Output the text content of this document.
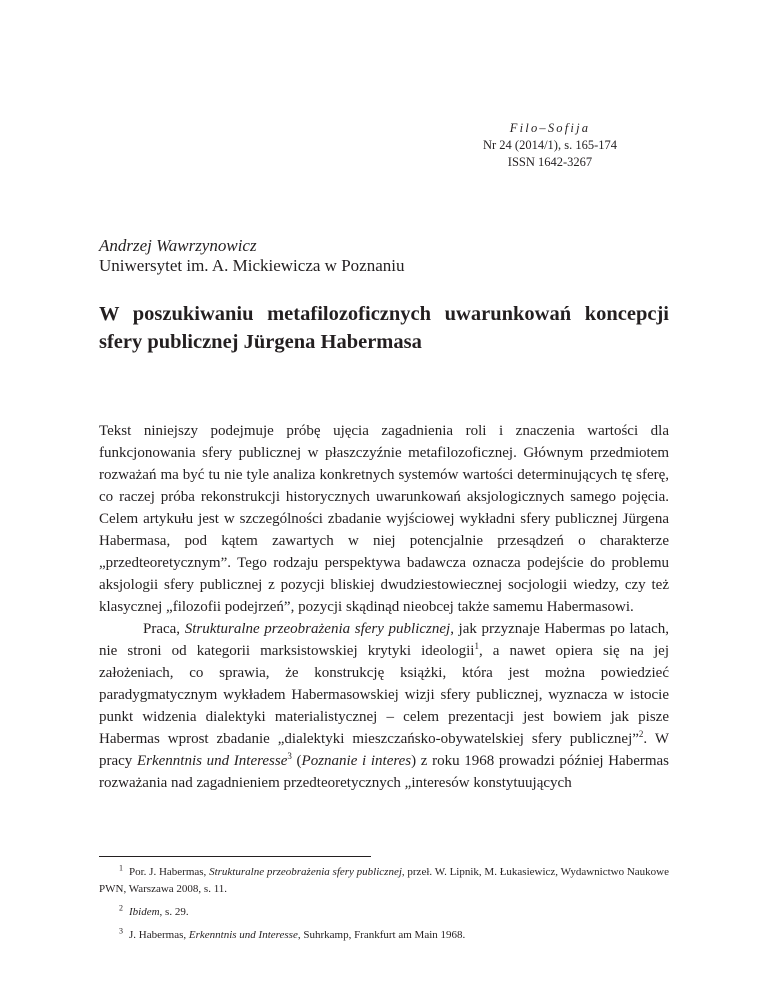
Filo–Sofija
Nr 24 (2014/1), s. 165-174
ISSN 1642-3267
Andrzej Wawrzynowicz
Uniwersytet im. A. Mickiewicza w Poznaniu
W poszukiwaniu metafilozoficznych uwarunkowań koncepcji sfery publicznej Jürgena Habermasa

Tekst niniejszy podejmuje próbę ujęcia zagadnienia roli i znaczenia wartości dla funkcjonowania sfery publicznej w płaszczyźnie metafilozoficznej. Głównym przedmiotem rozważań ma być tu nie tyle analiza konkretnych systemów wartości determinujących tę sferę, co raczej próba rekonstrukcji historycznych uwarunkowań aksjologicznych samego pojęcia. Celem artykułu jest w szczególności zbadanie wyjściowej wykładni sfery publicznej Jürgena Habermasa, pod kątem zawartych w niej potencjalnie przesądzeń o charakterze „przedteoretycznym”. Tego rodzaju perspektywa badawcza oznacza podejście do problemu aksjologii sfery publicznej z pozycji bliskiej dwudziestowiecznej socjologii wiedzy, czy też klasycznej „filozofii podejrzeń”, pozycji skądinąd nieobcej także samemu Habermasowi.

Praca, Strukturalne przeobrażenia sfery publicznej, jak przyznaje Habermas po latach, nie stroni od kategorii marksistowskiej krytyki ideologii$^1$, a nawet opiera się na jej założeniach, co sprawia, że konstrukcję książki, która jest można powiedzieć paradygmatycznym wykładem Habermasowskiej wizji sfery publicznej, wyznacza w istocie punkt widzenia dialektyki materialistycznej – celem prezentacji jest bowiem jak pisze Habermas wprost zbadanie „dialektyki mieszczańsko-obywatelskiej sfery publicznej”$^2$. W pracy Erkenntnis und Interesse$^3$ (Poznanie i interes) z roku 1968 prowadzi później Habermas rozważania nad zagadnieniem przedteoretycznych „interesów konstytuujących

$^1$ Por. J. Habermas, Strukturalne przeobrażenia sfery publicznej, przeł. W. Lipnik, M. Łukasiewicz, Wydawnictwo Naukowe PWN, Warszawa 2008, s. 11.

$^2$ Ibidem, s. 29.

$^3$ J. Habermas, Erkenntnis und Interesse, Suhrkamp, Frankfurt am Main 1968.
